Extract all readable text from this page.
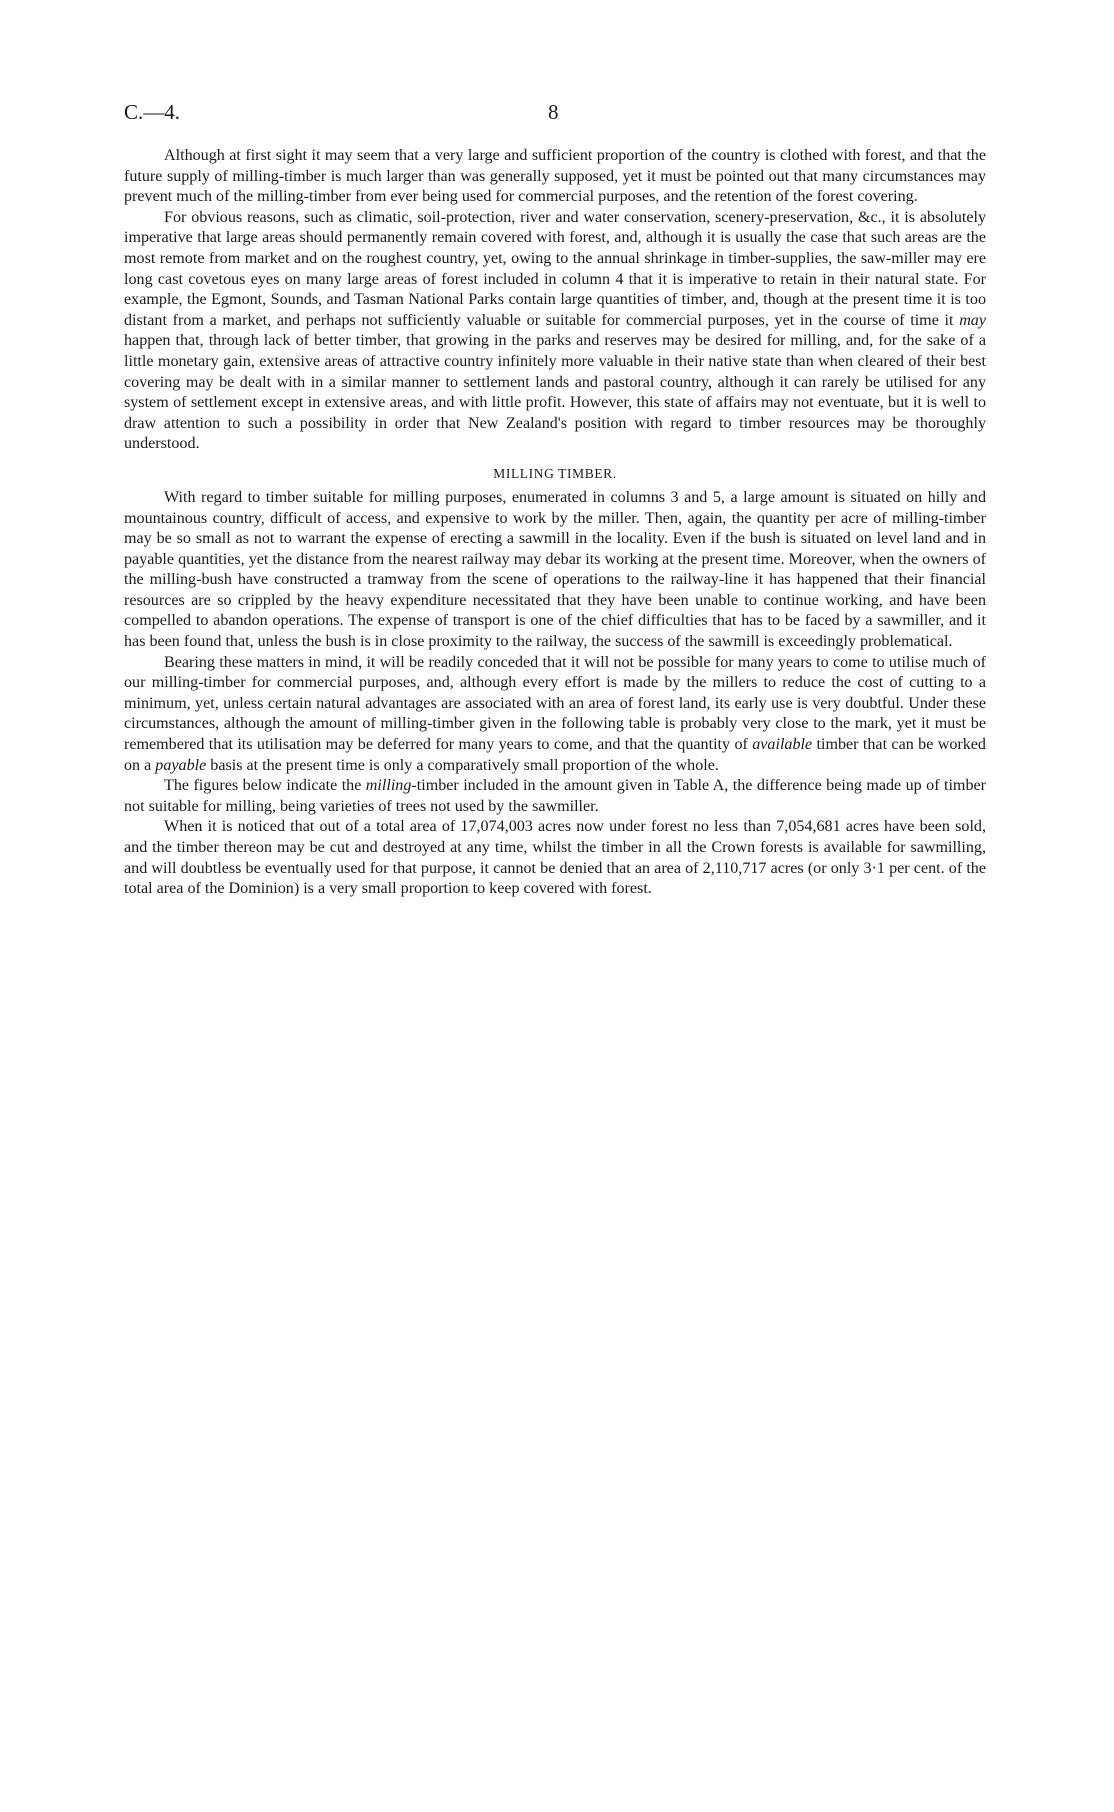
C.—4.	8

Although at first sight it may seem that a very large and sufficient proportion of the country is clothed with forest, and that the future supply of milling-timber is much larger than was generally supposed, yet it must be pointed out that many circumstances may prevent much of the milling-timber from ever being used for commercial purposes, and the retention of the forest covering.

For obvious reasons, such as climatic, soil-protection, river and water conservation, scenery-preservation, &c., it is absolutely imperative that large areas should permanently remain covered with forest, and, although it is usually the case that such areas are the most remote from market and on the roughest country, yet, owing to the annual shrinkage in timber-supplies, the saw-miller may ere long cast covetous eyes on many large areas of forest included in column 4 that it is imperative to retain in their natural state. For example, the Egmont, Sounds, and Tasman National Parks contain large quantities of timber, and, though at the present time it is too distant from a market, and perhaps not sufficiently valuable or suitable for commercial purposes, yet in the course of time it may happen that, through lack of better timber, that growing in the parks and reserves may be desired for milling, and, for the sake of a little monetary gain, extensive areas of attractive country infinitely more valuable in their native state than when cleared of their best covering may be dealt with in a similar manner to settlement lands and pastoral country, although it can rarely be utilised for any system of settlement except in extensive areas, and with little profit. However, this state of affairs may not eventuate, but it is well to draw attention to such a possibility in order that New Zealand's position with regard to timber resources may be thoroughly understood.

MILLING TIMBER.

With regard to timber suitable for milling purposes, enumerated in columns 3 and 5, a large amount is situated on hilly and mountainous country, difficult of access, and expensive to work by the miller. Then, again, the quantity per acre of milling-timber may be so small as not to warrant the expense of erecting a sawmill in the locality. Even if the bush is situated on level land and in payable quantities, yet the distance from the nearest railway may debar its working at the present time. Moreover, when the owners of the milling-bush have constructed a tramway from the scene of operations to the railway-line it has happened that their financial resources are so crippled by the heavy expenditure necessitated that they have been unable to continue working, and have been compelled to abandon operations. The expense of transport is one of the chief difficulties that has to be faced by a sawmiller, and it has been found that, unless the bush is in close proximity to the railway, the success of the sawmill is exceedingly problematical.

Bearing these matters in mind, it will be readily conceded that it will not be possible for many years to come to utilise much of our milling-timber for commercial purposes, and, although every effort is made by the millers to reduce the cost of cutting to a minimum, yet, unless certain natural advantages are associated with an area of forest land, its early use is very doubtful. Under these circumstances, although the amount of milling-timber given in the following table is probably very close to the mark, yet it must be remembered that its utilisation may be deferred for many years to come, and that the quantity of available timber that can be worked on a payable basis at the present time is only a comparatively small proportion of the whole.

The figures below indicate the milling-timber included in the amount given in Table A, the difference being made up of timber not suitable for milling, being varieties of trees not used by the sawmiller.

When it is noticed that out of a total area of 17,074,003 acres now under forest no less than 7,054,681 acres have been sold, and the timber thereon may be cut and destroyed at any time, whilst the timber in all the Crown forests is available for sawmilling, and will doubtless be eventually used for that purpose, it cannot be denied that an area of 2,110,717 acres (or only 3·1 per cent. of the total area of the Dominion) is a very small proportion to keep covered with forest.
